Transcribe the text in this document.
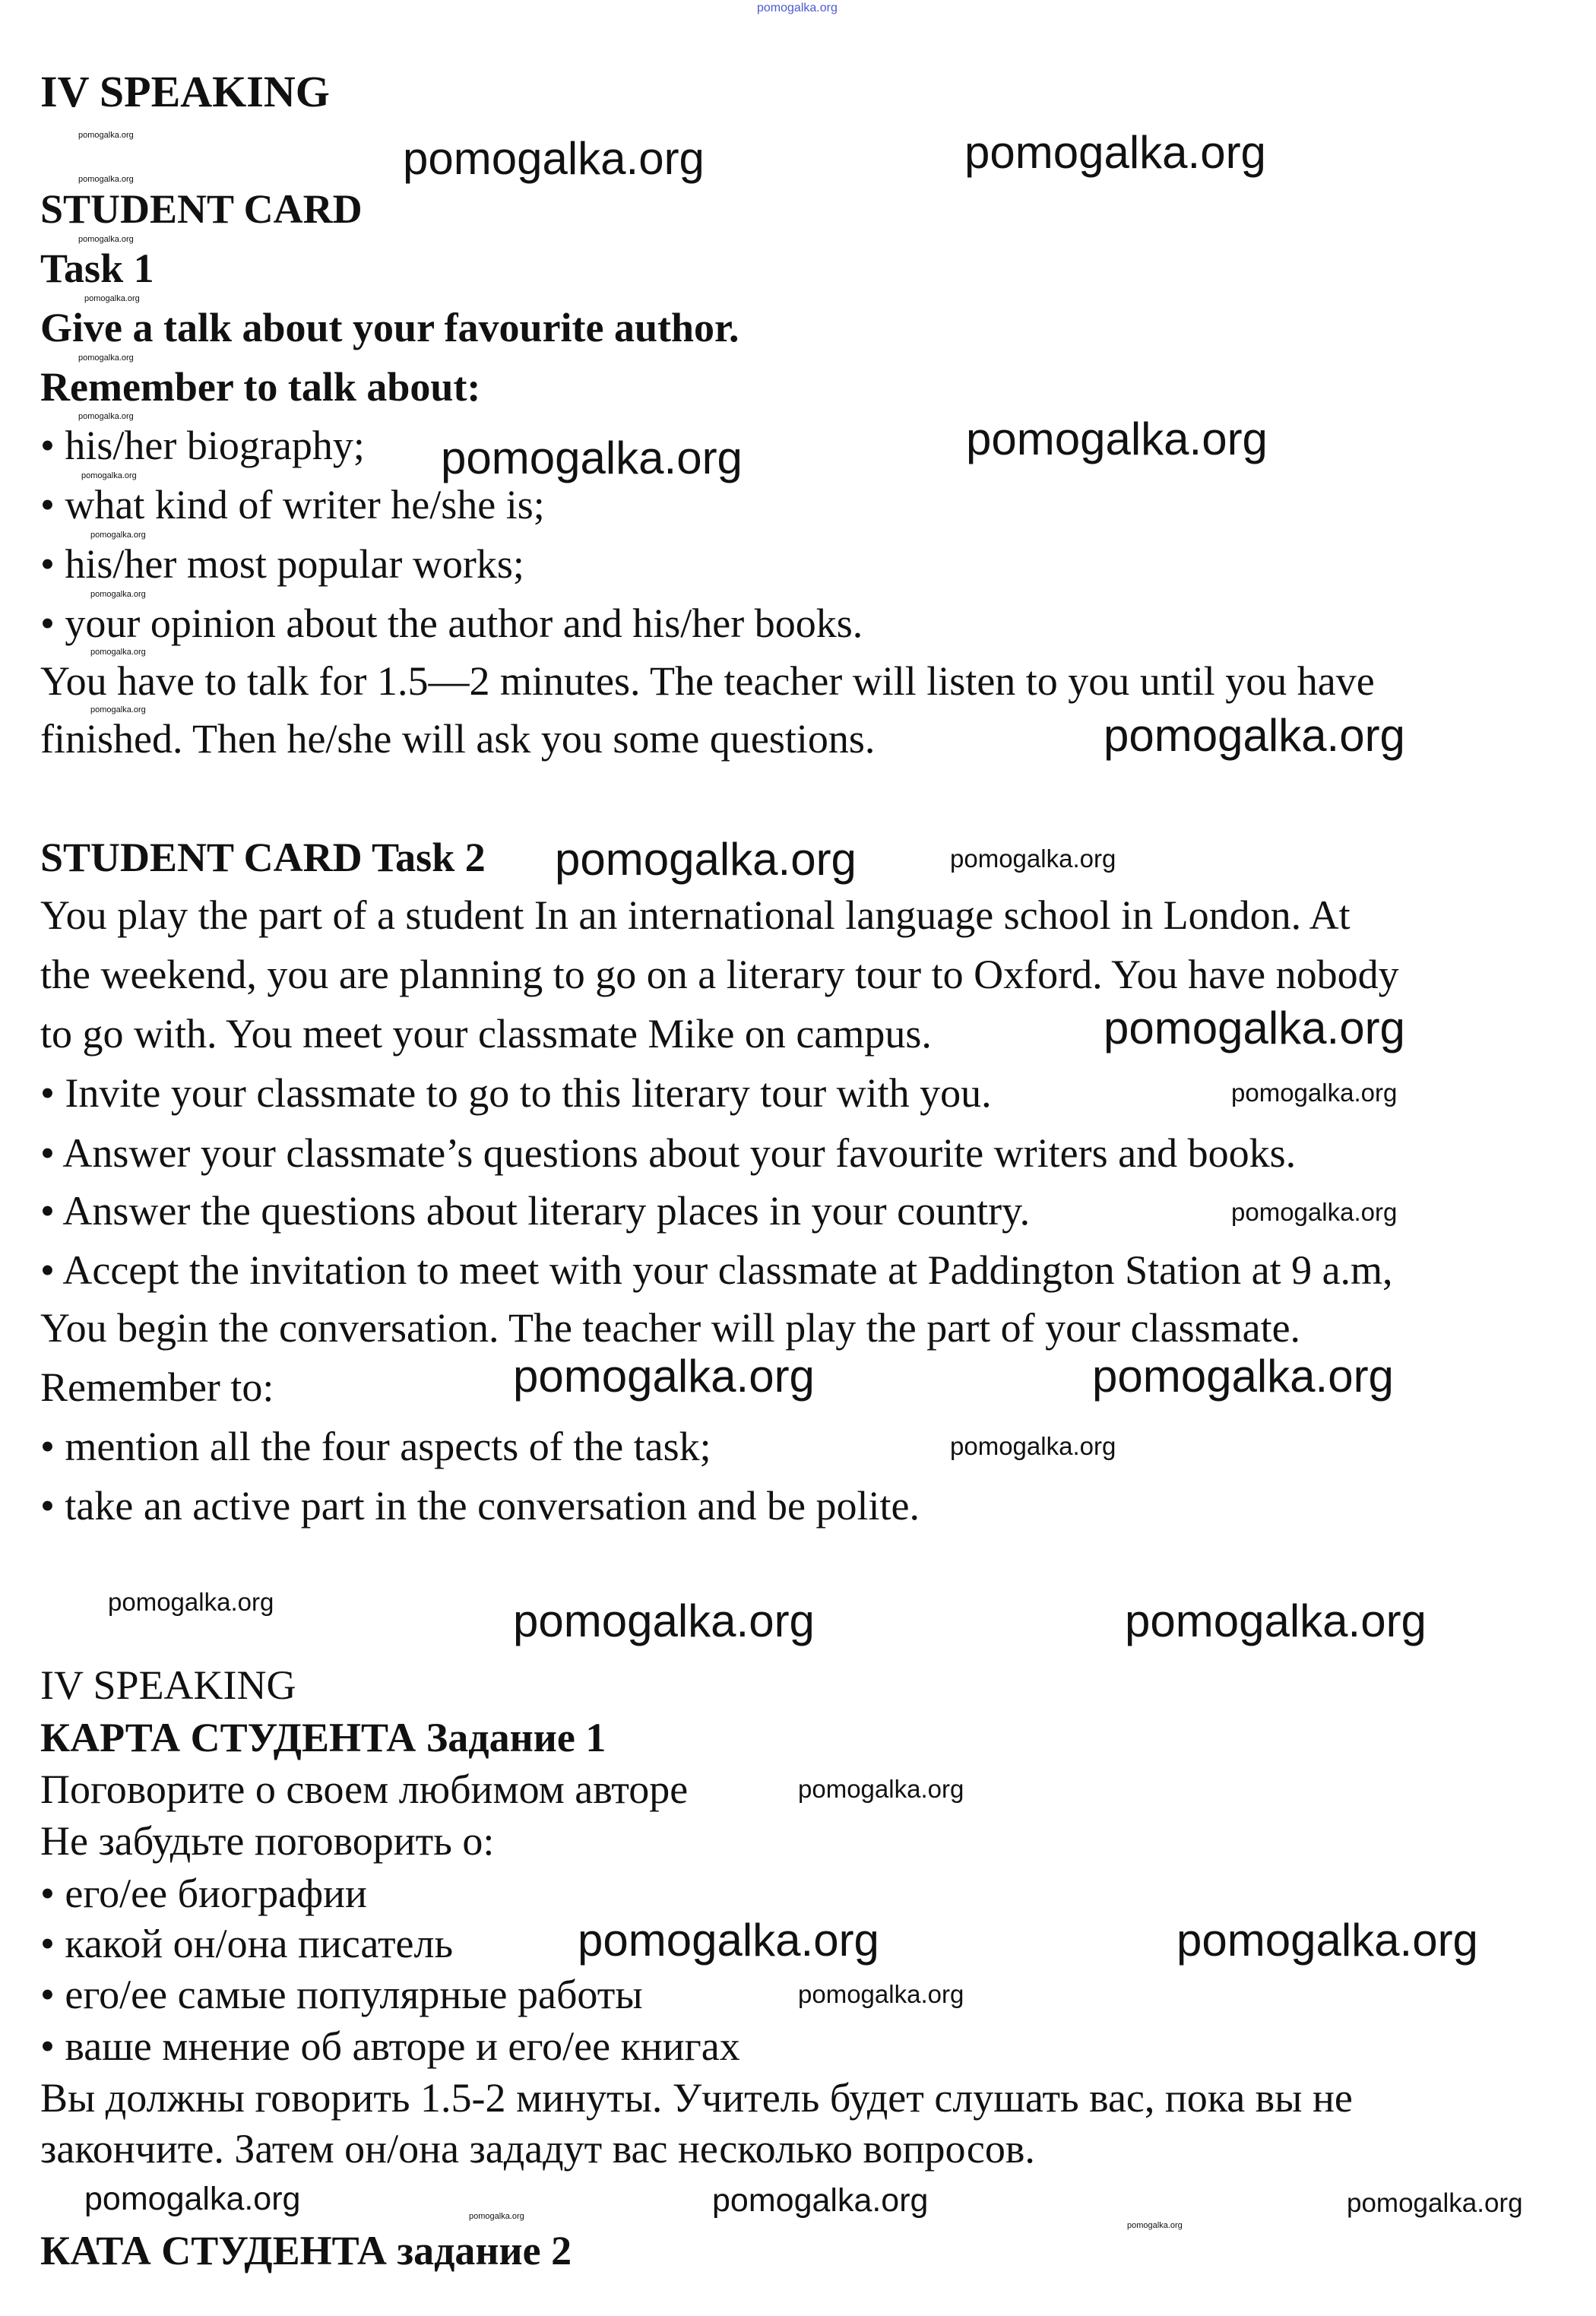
IV SPEAKING
STUDENT CARD
Task 1
Give a talk about your favourite author.
Remember to talk about:
• his/her biography;
• what kind of writer he/she is;
• his/her most popular works;
• your opinion about the author and his/her books.
You have to talk for 1.5—2 minutes. The teacher will listen to you until you have
finished. Then he/she will ask you some questions.
STUDENT CARD Task 2
You play the part of a student In an international language school in London. At
the weekend, you are planning to go on a literary tour to Oxford. You have nobody
to go with. You meet your classmate Mike on campus.
• Invite your classmate to go to this literary tour with you.
• Answer your classmate’s questions about your favourite writers and books.
• Answer the questions about literary places in your country.
• Accept the invitation to meet with your classmate at Paddington Station at 9 a.m,
You begin the conversation. The teacher will play the part of your classmate.
Remember to:
• mention all the four aspects of the task;
• take an active part in the conversation and be polite.
IV SPEAKING
КАРТА СТУДЕНТА Задание 1
Поговорите о своем любимом авторе
Не забудьте поговорить о:
• его/ее биографии
• какой он/она писатель
• его/ее самые популярные работы
• ваше мнение об авторе и его/ее книгах
Вы должны говорить 1.5-2 минуты. Учитель будет слушать вас, пока вы не
закончите. Затем он/она зададут вас несколько вопросов.
КАТА СТУДЕНТА задание 2
pomogalka.org
pomogalka.org	pomogalka.org
pomogalka.org	pomogalka.org
pomogalka.org
pomogalka.org
pomogalka.org
pomogalka.org	pomogalka.org
pomogalka.org	pomogalka.org
pomogalka.org	pomogalka.org
pomogalka.org	pomogalka.org
pomogalka.org
pomogalka.org
pomogalka.org
pomogalka.org
pomogalka.org
pomogalka.org
pomogalka.org
pomogalka.org
pomogalka.org
pomogalka.org
pomogalka.org
pomogalka.org
pomogalka.org
pomogalka.org
pomogalka.org
pomogalka.org
pomogalka.org
pomogalka.org
pomogalka.org
pomogalka.org
pomogalka.org
